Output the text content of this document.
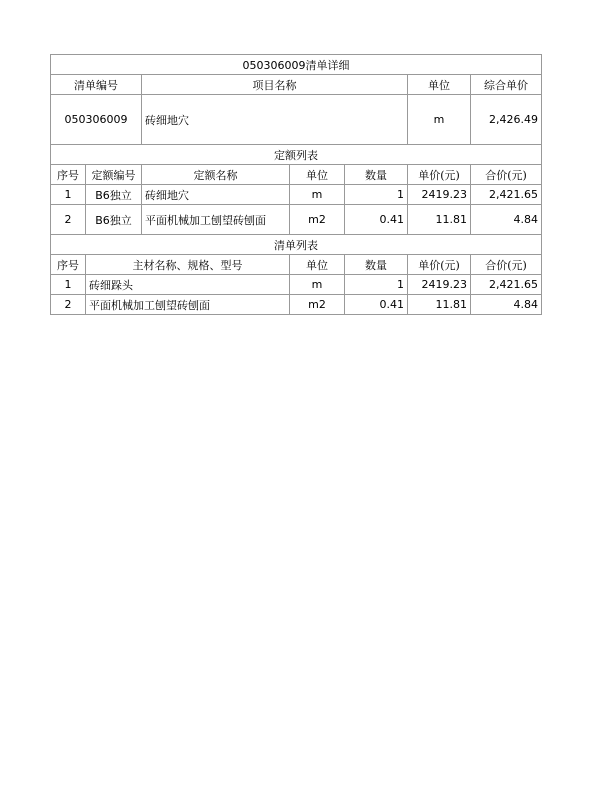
050306009清单详细						
清单编号		项目名称			单位	综合单价
050306009		砖细地穴			m	2,426.49
定额列表						
序号	定额编号	定额名称	单位	数量	单价(元)	合价(元)
1	B6独立	砖细地穴	m	1	2419.23	2,421.65
2	B6独立	平面机械加工刨望砖刨面	m2	0.41	11.81	4.84
清单列表						
序号	主材名称、规格、型号		单位	数量	单价(元)	合价(元)
1	砖细跺头		m	1	2419.23	2,421.65
2	平面机械加工刨望砖刨面		m2	0.41	11.81	4.84
